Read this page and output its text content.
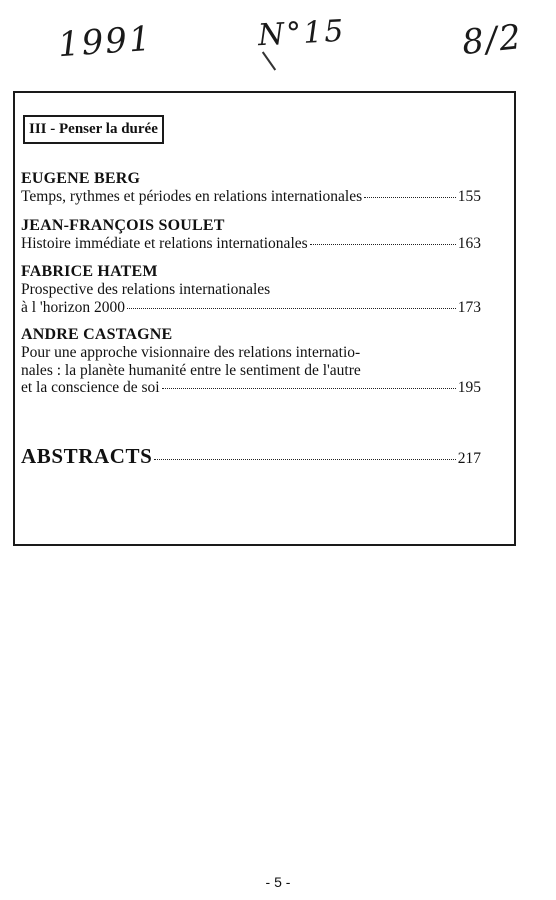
1991	N°15	8/2
III - Penser la durée
EUGENE BERG
Temps, rythmes et périodes en relations internationales	155
JEAN-FRANÇOIS SOULET
Histoire immédiate et relations internationales	163
FABRICE HATEM
Prospective des relations internationales
à l 'horizon 2000	173
ANDRE CASTAGNE
Pour une approche visionnaire des relations internatio-
nales : la planète humanité entre le sentiment de l'autre
et la conscience de soi	195
ABSTRACTS	217
- 5 -
